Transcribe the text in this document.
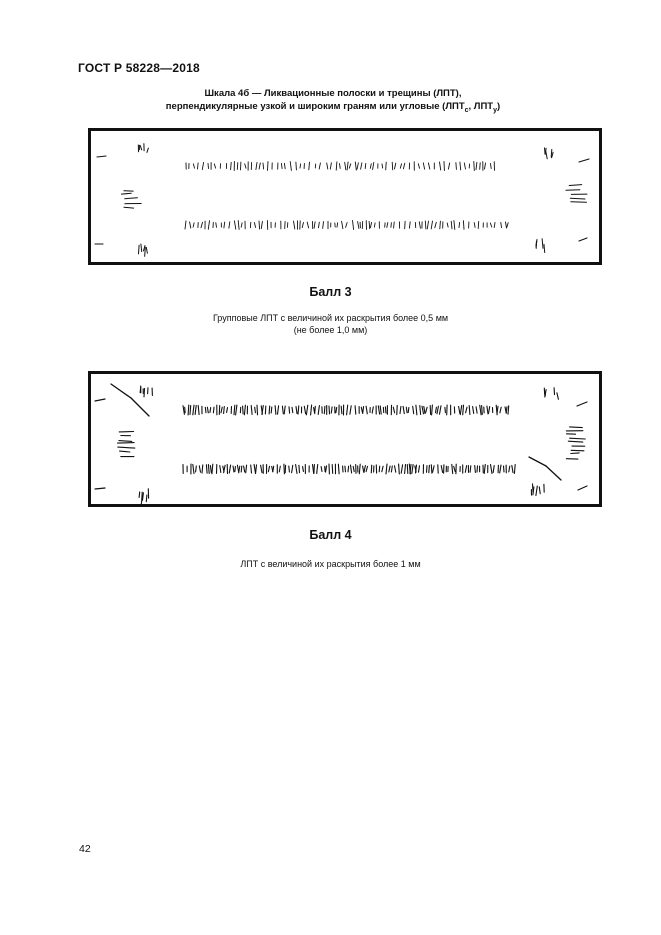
ГОСТ Р 58228—2018
Шкала 4б — Ликвационные полоски и трещины (ЛПТ),
перпендикулярные узкой и широким граням или угловые ($ЛПТ_с$, $ЛПТ_у$)
Балл 3
Групповые ЛПТ с величиной их раскрытия более 0,5 мм
(не более 1,0 мм)
Балл 4
ЛПТ с величиной их раскрытия более 1 мм
42
